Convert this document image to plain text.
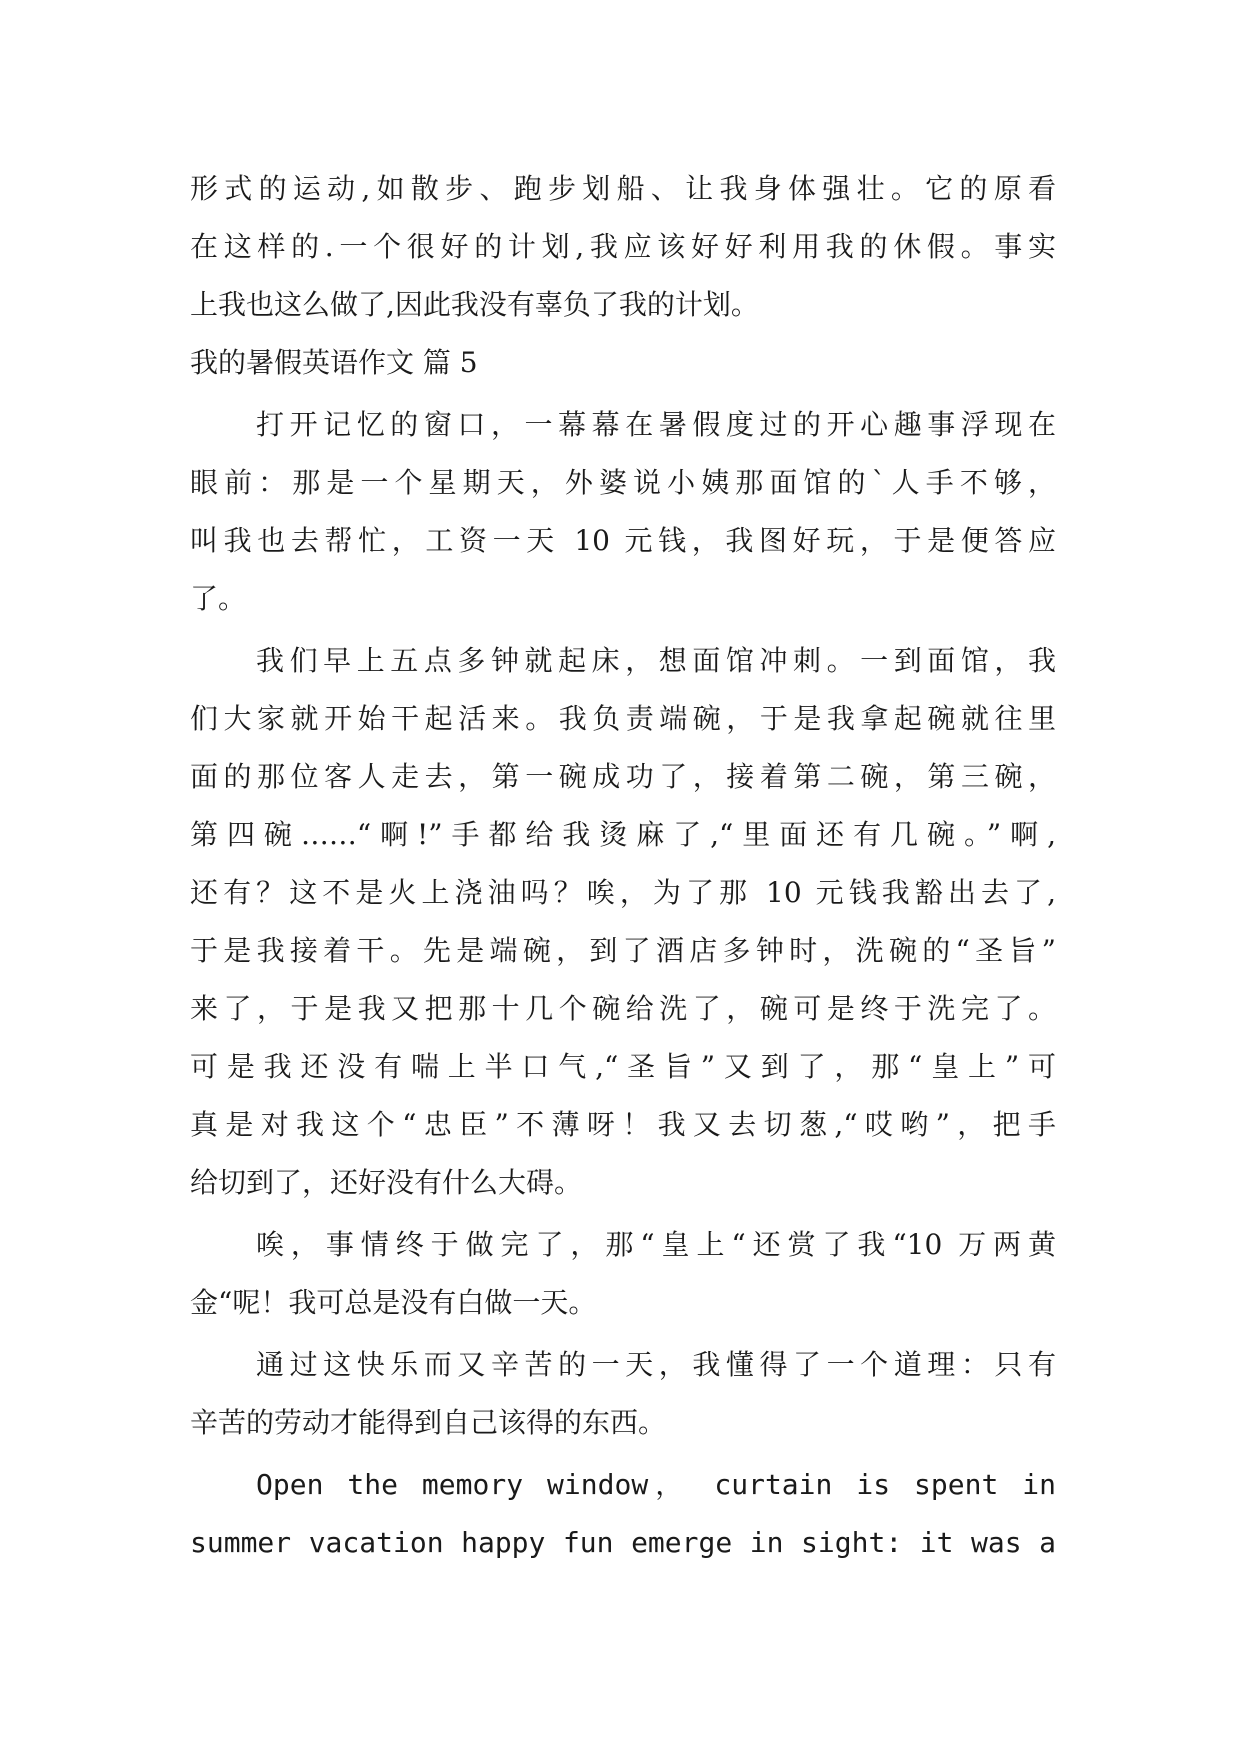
形式的运动,如散步、跑步划船、让我身体强壮。它的原看
在这样的.一个很好的计划,我应该好好利用我的休假。事实
上我也这么做了,因此我没有辜负了我的计划。
我的暑假英语作文 篇 5
打开记忆的窗口，一幕幕在暑假度过的开心趣事浮现在
眼前：那是一个星期天，外婆说小姨那面馆的`人手不够，
叫我也去帮忙，工资一天 10 元钱，我图好玩，于是便答应
了。
我们早上五点多钟就起床，想面馆冲刺。一到面馆，我
们大家就开始干起活来。我负责端碗，于是我拿起碗就往里
面的那位客人走去，第一碗成功了，接着第二碗，第三碗，
第四碗……“啊!”手都给我烫麻了,“里面还有几碗。”啊,
还有？这不是火上浇油吗？唉，为了那 10 元钱我豁出去了,
于是我接着干。先是端碗，到了酒店多钟时，洗碗的“圣旨”
来了，于是我又把那十几个碗给洗了，碗可是终于洗完了。
可是我还没有喘上半口气,“圣旨”又到了，那“皇上”可
真是对我这个“忠臣”不薄呀！我又去切葱,“哎哟”，把手
给切到了，还好没有什么大碍。
唉，事情终于做完了，那“皇上“还赏了我“10 万两黄
金“呢！我可总是没有白做一天。
通过这快乐而又辛苦的一天，我懂得了一个道理：只有
辛苦的劳动才能得到自己该得的东西。
Open the memory window， curtain is spent in
summer vacation happy fun emerge in sight: it was a
